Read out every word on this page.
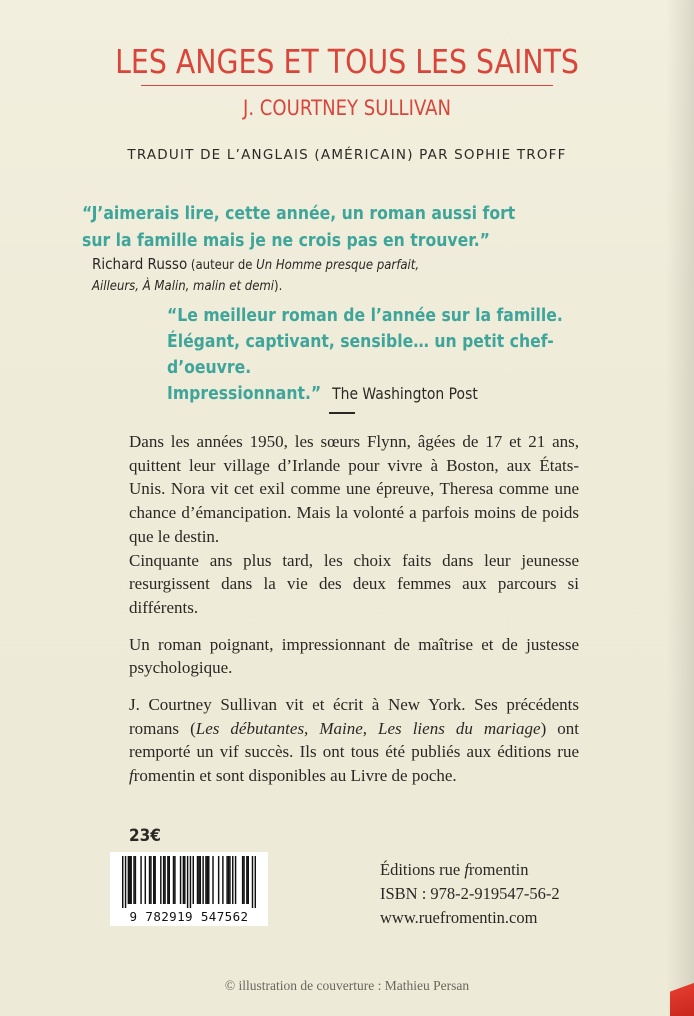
LES ANGES ET TOUS LES SAINTS
J. COURTNEY SULLIVAN
TRADUIT DE L’ANGLAIS (AMÉRICAIN) PAR SOPHIE TROFF
“J’aimerais lire, cette année, un roman aussi fort
sur la famille mais je ne crois pas en trouver.”
Richard Russo (auteur de Un Homme presque parfait,
Ailleurs, À Malin, malin et demi).
“Le meilleur roman de l’année sur la famille.
Élégant, captivant, sensible… un petit chef-d’oeuvre.
Impressionnant.” The Washington Post

Dans les années 1950, les sœurs Flynn, âgées de 17 et 21 ans, quittent leur village d’Irlande pour vivre à Boston, aux États-Unis. Nora vit cet exil comme une épreuve, Theresa comme une chance d’émancipation. Mais la volonté a parfois moins de poids que le destin.

Cinquante ans plus tard, les choix faits dans leur jeunesse resurgissent dans la vie des deux femmes aux parcours si différents.

Un roman poignant, impressionnant de maîtrise et de justesse psychologique.

J. Courtney Sullivan vit et écrit à New York. Ses précédents romans (Les débutantes, Maine, Les liens du mariage) ont remporté un vif succès. Ils ont tous été publiés aux éditions rue fromentin et sont disponibles au Livre de poche.

23€
9 782919 547562
Éditions rue fromentin
ISBN : 978-2-919547-56-2
www.ruefromentin.com
© illustration de couverture : Mathieu Persan
